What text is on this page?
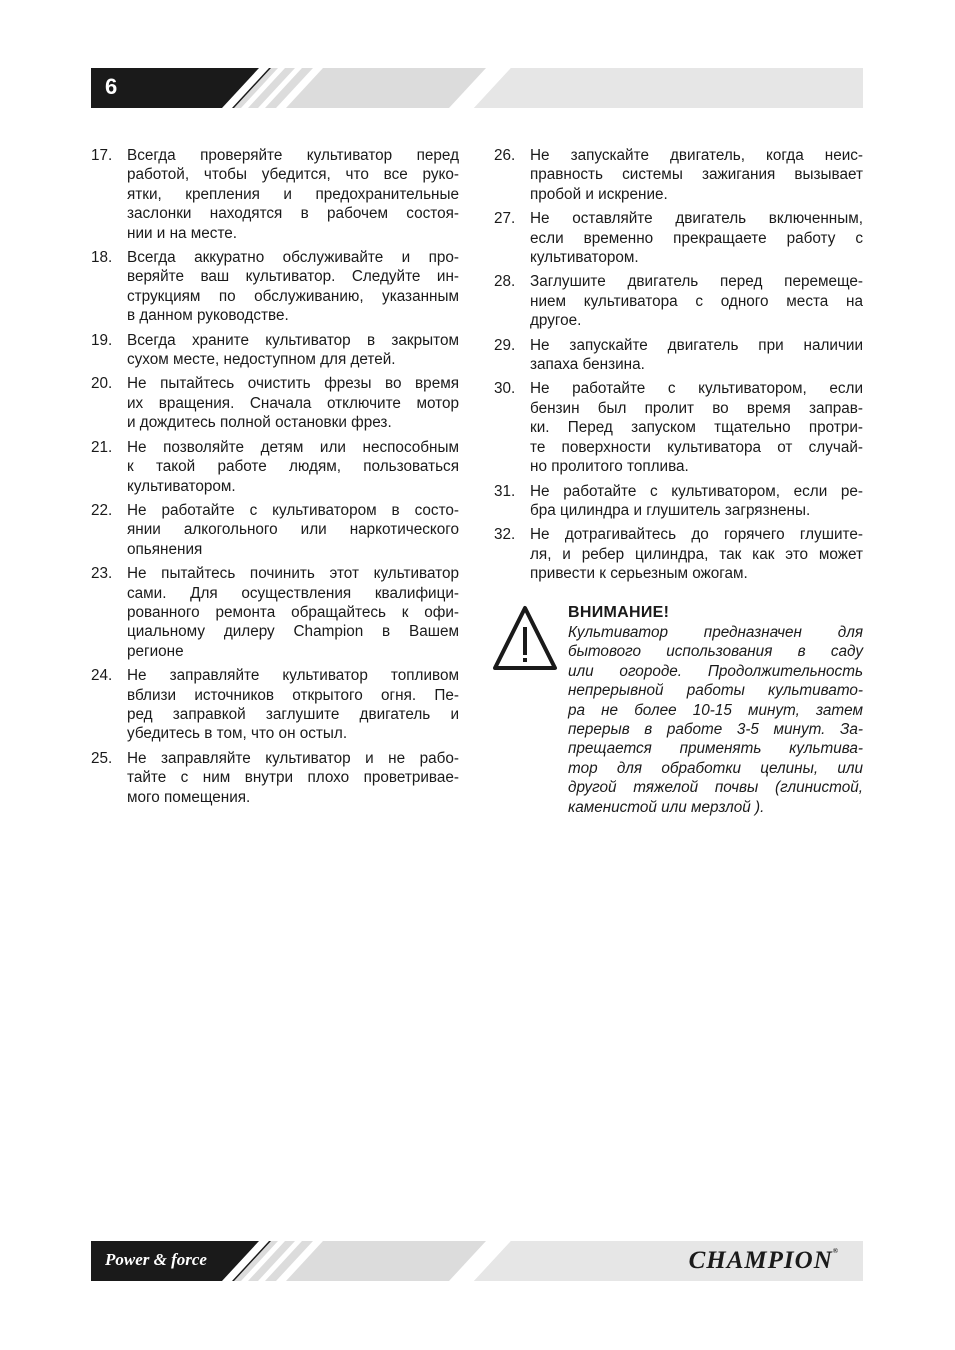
6
17. Всегда проверяйте культиватор перед
работой, чтобы убедится, что все руко-
ятки, крепления и предохранительные
заслонки находятся в рабочем состоя-
нии и на месте.
18. Всегда аккуратно обслуживайте и про-
веряйте ваш культиватор. Следуйте ин-
струкциям по обслуживанию, указанным
в данном руководстве.
19. Всегда храните культиватор в закрытом
сухом месте, недоступном для детей.
20. Не пытайтесь очистить фрезы во время
их вращения. Сначала отключите мотор
и дождитесь полной остановки фрез.
21. Не позволяйте детям или неспособным
к такой работе людям, пользоваться
культиватором.
22. Не работайте с культиватором в состо-
янии алкогольного или наркотического
опьянения
23. Не пытайтесь починить этот культиватор
сами. Для осуществления квалифици-
рованного ремонта обращайтесь к офи-
циальному дилеру Champion в Вашем
регионе
24. Не заправляйте культиватор топливом
вблизи источников открытого огня. Пе-
ред заправкой заглушите двигатель и
убедитесь в том, что он остыл.
25. Не заправляйте культиватор и не рабо-
тайте с ним внутри плохо проветривае-
мого помещения.
26. Не запускайте двигатель, когда неис-
правность системы зажигания вызывает
пробой и искрение.
27. Не оставляйте двигатель включенным,
если временно прекращаете работу с
культиватором.
28. Заглушите двигатель перед перемеще-
нием культиватора с одного места на
другое.
29. Не запускайте двигатель при наличии
запаха бензина.
30. Не работайте с культиватором, если
бензин был пролит во время заправ-
ки. Перед запуском тщательно протри-
те поверхности культиватора от случай-
но пролитого топлива.
31. Не работайте с культиватором, если ре-
бра цилиндра и глушитель загрязнены.
32. Не дотрагивайтесь до горячего глушите-
ля, и ребер цилиндра, так как это может
привести к серьезным ожогам.
ВНИМАНИЕ!
Культиватор предназначен для
бытового использования в саду
или огороде. Продолжительность
непрерывной работы культивато-
ра не более 10-15 минут, затем
перерыв в работе 3-5 минут. За-
прещается применять культива-
тор для обработки целины, или
другой тяжелой почвы (глинистой,
каменистой или мерзлой ).
Power & force	CHAMPION®
